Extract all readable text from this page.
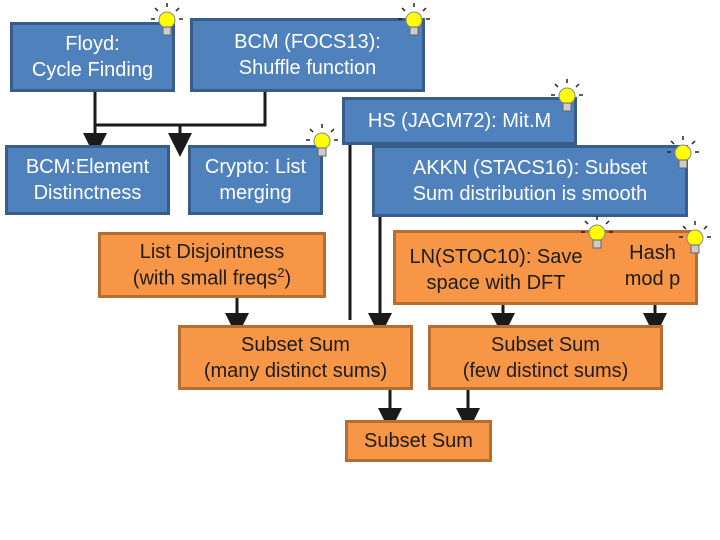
Floyd:
Cycle Finding
BCM (FOCS13):
Shuffle function
HS (JACM72): Mit.M
BCM:Element
Distinctness
Crypto: List
merging
AKKN (STACS16): Subset
Sum distribution is smooth
List Disjointness
(with small freqs$^2$)
LN(STOC10): Save
space with DFT
Hash
mod p
Subset Sum
(many distinct sums)
Subset Sum
(few distinct sums)
Subset Sum
